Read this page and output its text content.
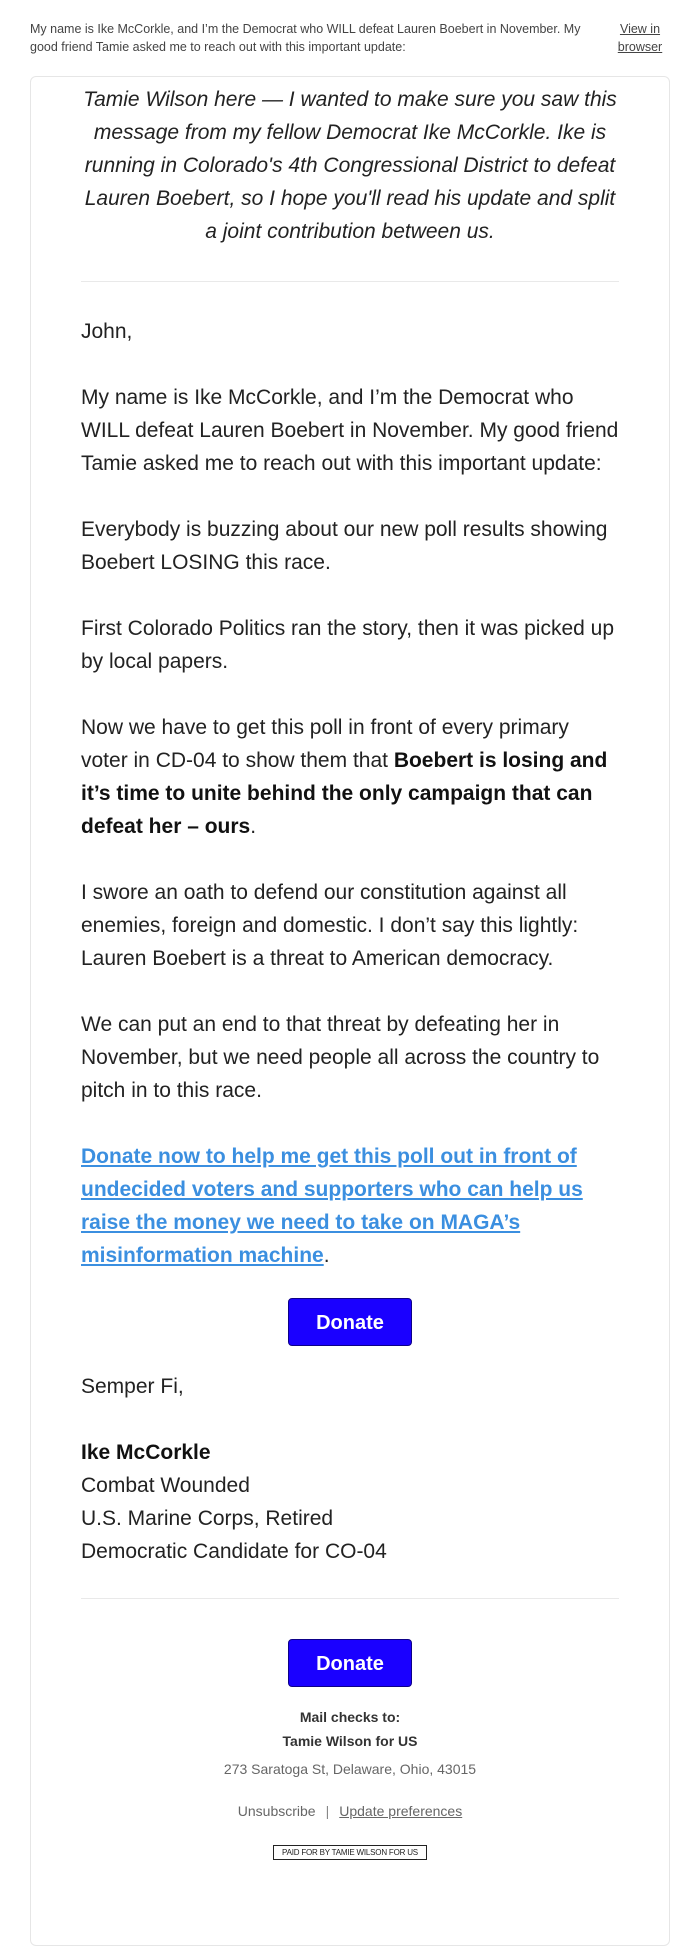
My name is Ike McCorkle, and I’m the Democrat who WILL defeat Lauren Boebert in November. My good friend Tamie asked me to reach out with this important update:
View in browser

Tamie Wilson here — I wanted to make sure you saw this message from my fellow Democrat Ike McCorkle. Ike is running in Colorado's 4th Congressional District to defeat Lauren Boebert, so I hope you'll read his update and split a joint contribution between us.

John,

My name is Ike McCorkle, and I’m the Democrat who WILL defeat Lauren Boebert in November. My good friend Tamie asked me to reach out with this important update:

Everybody is buzzing about our new poll results showing Boebert LOSING this race.

First Colorado Politics ran the story, then it was picked up by local papers.

Now we have to get this poll in front of every primary voter in CD-04 to show them that Boebert is losing and it’s time to unite behind the only campaign that can defeat her – ours.

I swore an oath to defend our constitution against all enemies, foreign and domestic. I don’t say this lightly: Lauren Boebert is a threat to American democracy.

We can put an end to that threat by defeating her in November, but we need people all across the country to pitch in to this race.

Donate now to help me get this poll out in front of undecided voters and supporters who can help us raise the money we need to take on MAGA’s misinformation machine.

Donate

Semper Fi,

Ike McCorkle

Combat Wounded

U.S. Marine Corps, Retired

Democratic Candidate for CO-04

Donate
Mail checks to:
Tamie Wilson for US
273 Saratoga St, Delaware, Ohio, 43015
Unsubscribe | Update preferences
PAID FOR BY TAMIE WILSON FOR US
